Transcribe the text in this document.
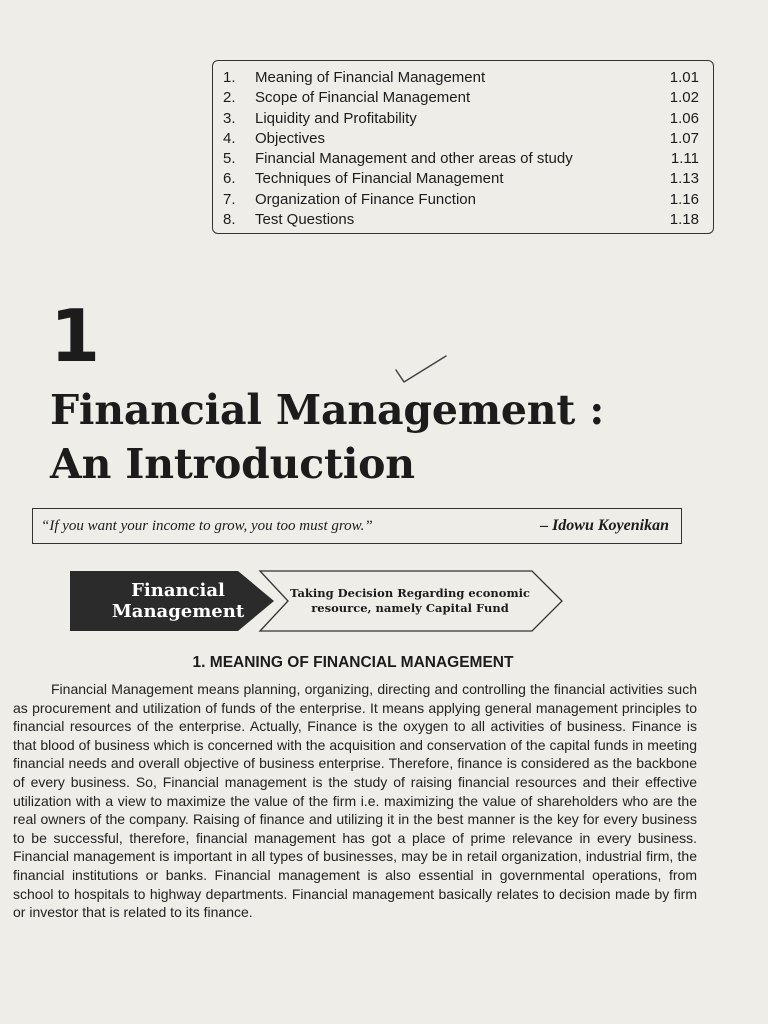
1.	Meaning of Financial Management	1.01
2.	Scope of Financial Management	1.02
3.	Liquidity and Profitability	1.06
4.	Objectives	1.07
5.	Financial Management and other areas of study	1.11
6.	Techniques of Financial Management	1.13
7.	Organization of Finance Function	1.16
8.	Test Questions	1.18
1
Financial Management :
An Introduction
“If you want your income to grow, you too must grow.”	– Idowu Koyenikan
Financial
Management
Taking Decision Regarding economic
resource, namely Capital Fund
1. MEANING OF FINANCIAL MANAGEMENT

Financial Management means planning, organizing, directing and controlling the financial activities such as procurement and utilization of funds of the enterprise. It means applying general management principles to financial resources of the enterprise. Actually, Finance is the oxygen to all activities of business. Finance is that blood of business which is concerned with the acquisition and conservation of the capital funds in meeting financial needs and overall objective of business enterprise. Therefore, finance is considered as the backbone of every business. So, Financial management is the study of raising financial resources and their effective utilization with a view to maximize the value of the firm i.e. maximizing the value of shareholders who are the real owners of the company. Raising of finance and utilizing it in the best manner is the key for every business to be successful, therefore, financial management has got a place of prime relevance in every business. Financial management is important in all types of businesses, may be in retail organization, industrial firm, the financial institutions or banks. Financial management is also essential in governmental operations, from school to hospitals to highway departments. Financial management basically relates to decision made by firm or investor that is related to its finance.
